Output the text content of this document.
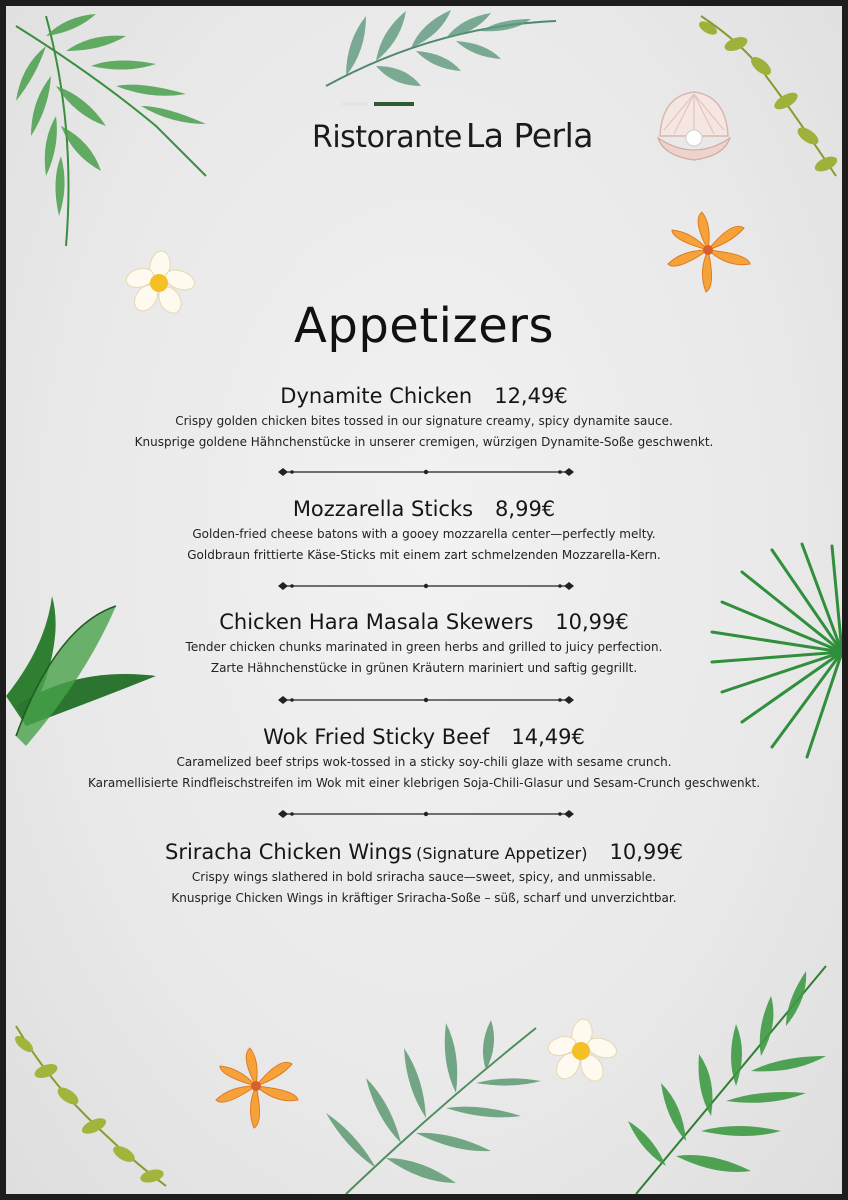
Ristorante La Perla
Appetizers
Dynamite Chicken 12,49€
Crispy golden chicken bites tossed in our signature creamy, spicy dynamite sauce.
Knusprige goldene Hähnchenstücke in unserer cremigen, würzigen Dynamite-Soße geschwenkt.
Mozzarella Sticks 8,99€
Golden-fried cheese batons with a gooey mozzarella center—perfectly melty.
Goldbraun frittierte Käse-Sticks mit einem zart schmelzenden Mozzarella-Kern.
Chicken Hara Masala Skewers 10,99€
Tender chicken chunks marinated in green herbs and grilled to juicy perfection.
Zarte Hähnchenstücke in grünen Kräutern mariniert und saftig gegrillt.
Wok Fried Sticky Beef 14,49€
Caramelized beef strips wok-tossed in a sticky soy-chili glaze with sesame crunch.
Karamellisierte Rindfleischstreifen im Wok mit einer klebrigen Soja-Chili-Glasur und Sesam-Crunch geschwenkt.
Sriracha Chicken Wings (Signature Appetizer) 10,99€
Crispy wings slathered in bold sriracha sauce—sweet, spicy, and unmissable.
Knusprige Chicken Wings in kräftiger Sriracha-Soße – süß, scharf und unverzichtbar.
